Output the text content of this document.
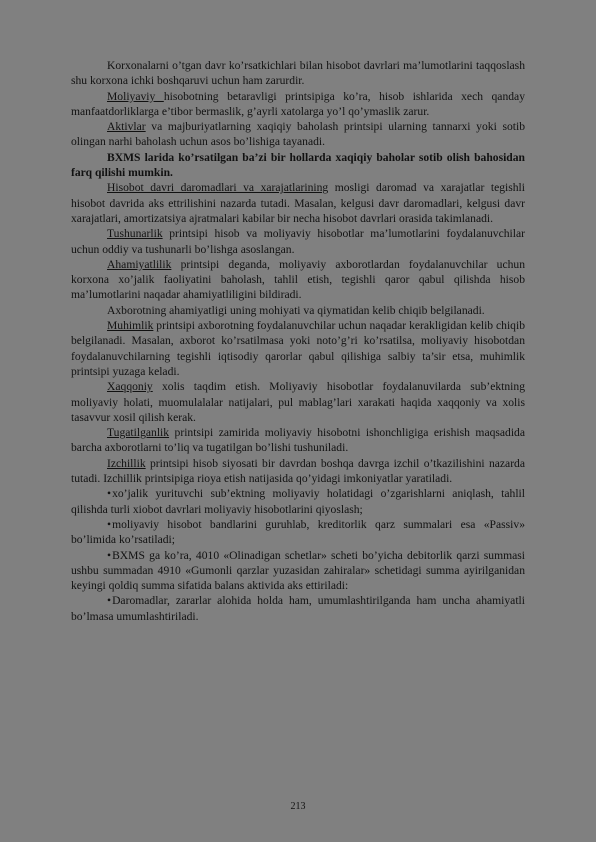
Korxonalarni o’tgan davr ko’rsatkichlari bilan hisobot davrlari ma’lumotlarini taqqoslash shu korxona ichki boshqaruvi uchun ham zarurdir.

Moliyaviy hisobotning betaravligi printsipiga ko’ra, hisob ishlarida xech qanday manfaatdorliklarga e’tibor bermaslik, g’ayrli xatolarga yo’l qo’ymaslik zarur.

Aktivlar va majburiyatlarning xaqiqiy baholash printsipi ularning tannarxi yoki sotib olingan narhi baholash uchun asos bo’lishiga tayanadi.

BXMS larida ko’rsatilgan ba’zi bir hollarda xaqiqiy baholar sotib olish bahosidan farq qilishi mumkin.

Hisobot davri daromadlari va xarajatlarining mosligi daromad va xarajatlar tegishli hisobot davrida aks ettrilishini nazarda tutadi. Masalan, kelgusi davr daromadlari, kelgusi davr xarajatlari, amortizatsiya ajratmalari kabilar bir necha hisobot davrlari orasida takimlanadi.

Tushunarlik printsipi hisob va moliyaviy hisobotlar ma’lumotlarini foydalanuvchilar uchun oddiy va tushunarli bo’lishga asoslangan.

Ahamiyatlilik printsipi deganda, moliyaviy axborotlardan foydalanuvchilar uchun korxona xo’jalik faoliyatini baholash, tahlil etish, tegishli qaror qabul qilishda hisob ma’lumotlarini naqadar ahamiyatliligini bildiradi.

Axborotning ahamiyatligi uning mohiyati va qiymatidan kelib chiqib belgilanadi.

Muhimlik printsipi axborotning foydalanuvchilar uchun naqadar kerakligidan kelib chiqib belgilanadi. Masalan, axborot ko’rsatilmasa yoki noto’g’ri ko’rsatilsa, moliyaviy hisobotdan foydalanuvchilarning tegishli iqtisodiy qarorlar qabul qilishiga salbiy ta’sir etsa, muhimlik printsipi yuzaga keladi.

Xaqqoniy xolis taqdim etish. Moliyaviy hisobotlar foydalanuvilarda sub’ektning moliyaviy holati, muomulalalar natijalari, pul mablag’lari xarakati haqida xaqqoniy va xolis tasavvur xosil qilish kerak.

Tugatilganlik printsipi zamirida moliyaviy hisobotni ishonchligiga erishish maqsadida barcha axborotlarni to’liq va tugatilgan bo’lishi tushuniladi.

Izchillik printsipi hisob siyosati bir davrdan boshqa davrga izchil o’tkazilishini nazarda tutadi. Izchillik printsipiga rioya etish natijasida qo’yidagi imkoniyatlar yaratiladi.

• xo’jalik yurituvchi sub’ektning moliyaviy holatidagi o’zgarishlarni aniqlash, tahlil qilishda turli xiobot davrlari moliyaviy hisobotlarini qiyoslash;

• moliyaviy hisobot bandlarini guruhlab, kreditorlik qarz summalari esa «Passiv» bo’limida ko’rsatiladi;

• BXMS ga ko’ra, 4010 «Olinadigan schetlar» scheti bo’yicha debitorlik qarzi summasi ushbu summadan 4910 «Gumonli qarzlar yuzasidan zahiralar» schetidagi summa ayirilganidan keyingi qoldiq summa sifatida balans aktivida aks ettiriladi:

• Daromadlar, zararlar alohida holda ham, umumlashtirilganda ham uncha ahamiyatli bo’lmasa umumlashtiriladi.

213
